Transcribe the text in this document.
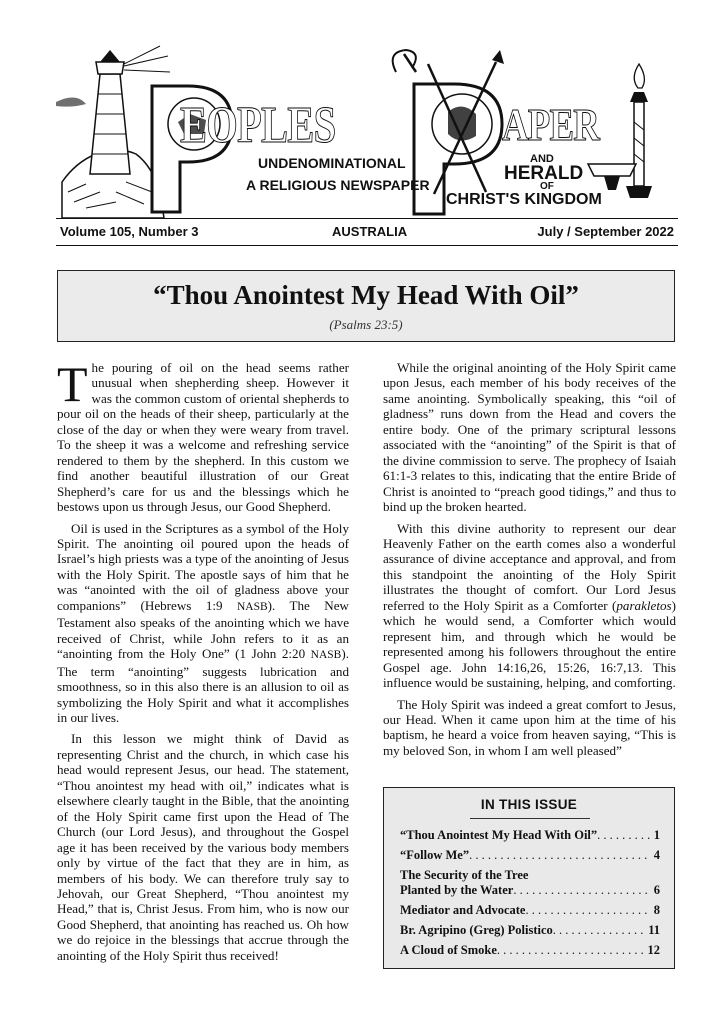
EOPLES	APER
UNDENOMINATIONAL
A RELIGIOUS NEWSPAPER
AND
HERALD
OF
CHRIST'S KINGDOM
Volume 105, Number 3	AUSTRALIA	July / September 2022
“Thou Anointest My Head With Oil”
(Psalms 23:5)

The pouring of oil on the head seems rather unusual when shepherding sheep. However it was the common custom of oriental shepherds to pour oil on the heads of their sheep, particularly at the close of the day or when they were weary from travel. To the sheep it was a welcome and refreshing service rendered to them by the shepherd. In this custom we find another beautiful illustration of our Great Shepherd’s care for us and the blessings which he bestows upon us through Jesus, our Good Shepherd.

Oil is used in the Scriptures as a symbol of the Holy Spirit. The anointing oil poured upon the heads of Israel’s high priests was a type of the anointing of Jesus with the Holy Spirit. The apostle says of him that he was “anointed with the oil of gladness above your companions” (Hebrews 1:9 NASB). The New Testament also speaks of the anointing which we have received of Christ, while John refers to it as an “anointing from the Holy One” (1 John 2:20 NASB). The term “anointing” suggests lubrication and smoothness, so in this also there is an allusion to oil as symbolizing the Holy Spirit and what it accomplishes in our lives.

In this lesson we might think of David as representing Christ and the church, in which case his head would represent Jesus, our head. The statement, “Thou anointest my head with oil,” indicates what is elsewhere clearly taught in the Bible, that the anointing of the Holy Spirit came first upon the Head of The Church (our Lord Jesus), and throughout the Gospel age it has been received by the various body members only by virtue of the fact that they are in him, as members of his body. We can therefore truly say to Jehovah, our Great Shepherd, “Thou anointest my Head,” that is, Christ Jesus. From him, who is now our Good Shepherd, that anointing has reached us. Oh how we do rejoice in the blessings that accrue through the anointing of the Holy Spirit thus received!

While the original anointing of the Holy Spirit came upon Jesus, each member of his body receives of the same anointing. Symbolically speaking, this “oil of gladness” runs down from the Head and covers the entire body. One of the primary scriptural lessons associated with the “anointing” of the Spirit is that of the divine commission to serve. The prophecy of Isaiah 61:1-3 relates to this, indicating that the entire Bride of Christ is anointed to “preach good tidings,” and thus to bind up the broken hearted.

With this divine authority to represent our dear Heavenly Father on the earth comes also a wonderful assurance of divine acceptance and approval, and from this standpoint the anointing of the Holy Spirit illustrates the thought of comfort. Our Lord Jesus referred to the Holy Spirit as a Comforter (parakletos) which he would send, a Comforter which would represent him, and through which he would be represented among his followers throughout the entire Gospel age. John 14:16,26, 15:26, 16:7,13. This influence would be sustaining, helping, and comforting.

The Holy Spirit was indeed a great comfort to Jesus, our Head. When it came upon him at the time of his baptism, he heard a voice from heaven saying, “This is my beloved Son, in whom I am well pleased”

IN THIS ISSUE
“Thou Anointest My Head With Oil” . . .	1
“Follow Me” . . .	4
The Security of the Tree
Planted by the Water . . .	6
Mediator and Advocate . . .	8
Br. Agripino (Greg) Polistico . . .	11
A Cloud of Smoke . . .	12
